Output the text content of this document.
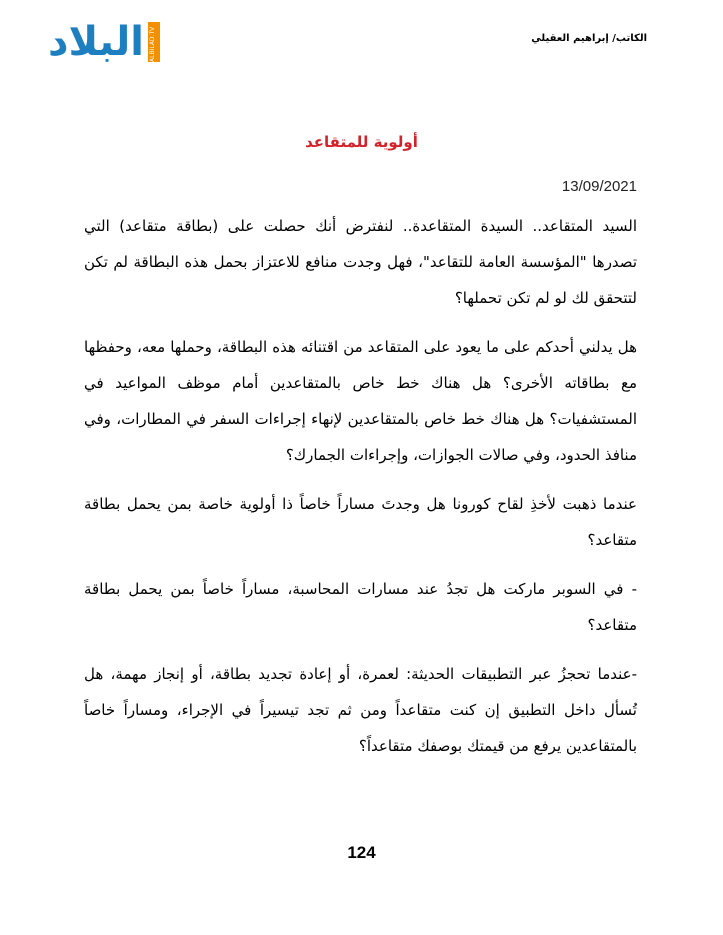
البلاد ALBILAD.TV	الكاتب/ إبراهيم العقيلي
أولوية للمتقاعد
13/09/2021

السيد المتقاعد.. السيدة المتقاعدة.. لنفترض أنك حصلت على (بطاقة متقاعد) التي تصدرها "المؤسسة العامة للتقاعد"، فهل وجدت منافع للاعتزاز بحمل هذه البطاقة لم تكن لتتحقق لك لو لم تكن تحملها؟

هل يدلني أحدكم على ما يعود على المتقاعد من اقتنائه هذه البطاقة، وحملها معه، وحفظها مع بطاقاته الأخرى؟ هل هناك خط خاص بالمتقاعدين أمام موظف المواعيد في المستشفيات؟ هل هناك خط خاص بالمتقاعدين لإنهاء إجراءات السفر في المطارات، وفي منافذ الحدود، وفي صالات الجوازات، وإجراءات الجمارك؟

عندما ذهبت لأخذِ لقاح كورونا هل وجدتَ مساراً خاصاً ذا أولوية خاصة بمن يحمل بطاقة متقاعد؟

- في السوبر ماركت هل تجدُ عند مسارات المحاسبة، مساراً خاصاً بمن يحمل بطاقة متقاعد؟

-عندما تحجزُ عبر التطبيقات الحديثة: لعمرة، أو إعادة تجديد بطاقة، أو إنجاز مهمة، هل تُسأل داخل التطبيق إن كنت متقاعداً ومن ثم تجد تيسيراً في الإجراء، ومساراً خاصاً بالمتقاعدين يرفع من قيمتك بوصفك متقاعداً؟

124
